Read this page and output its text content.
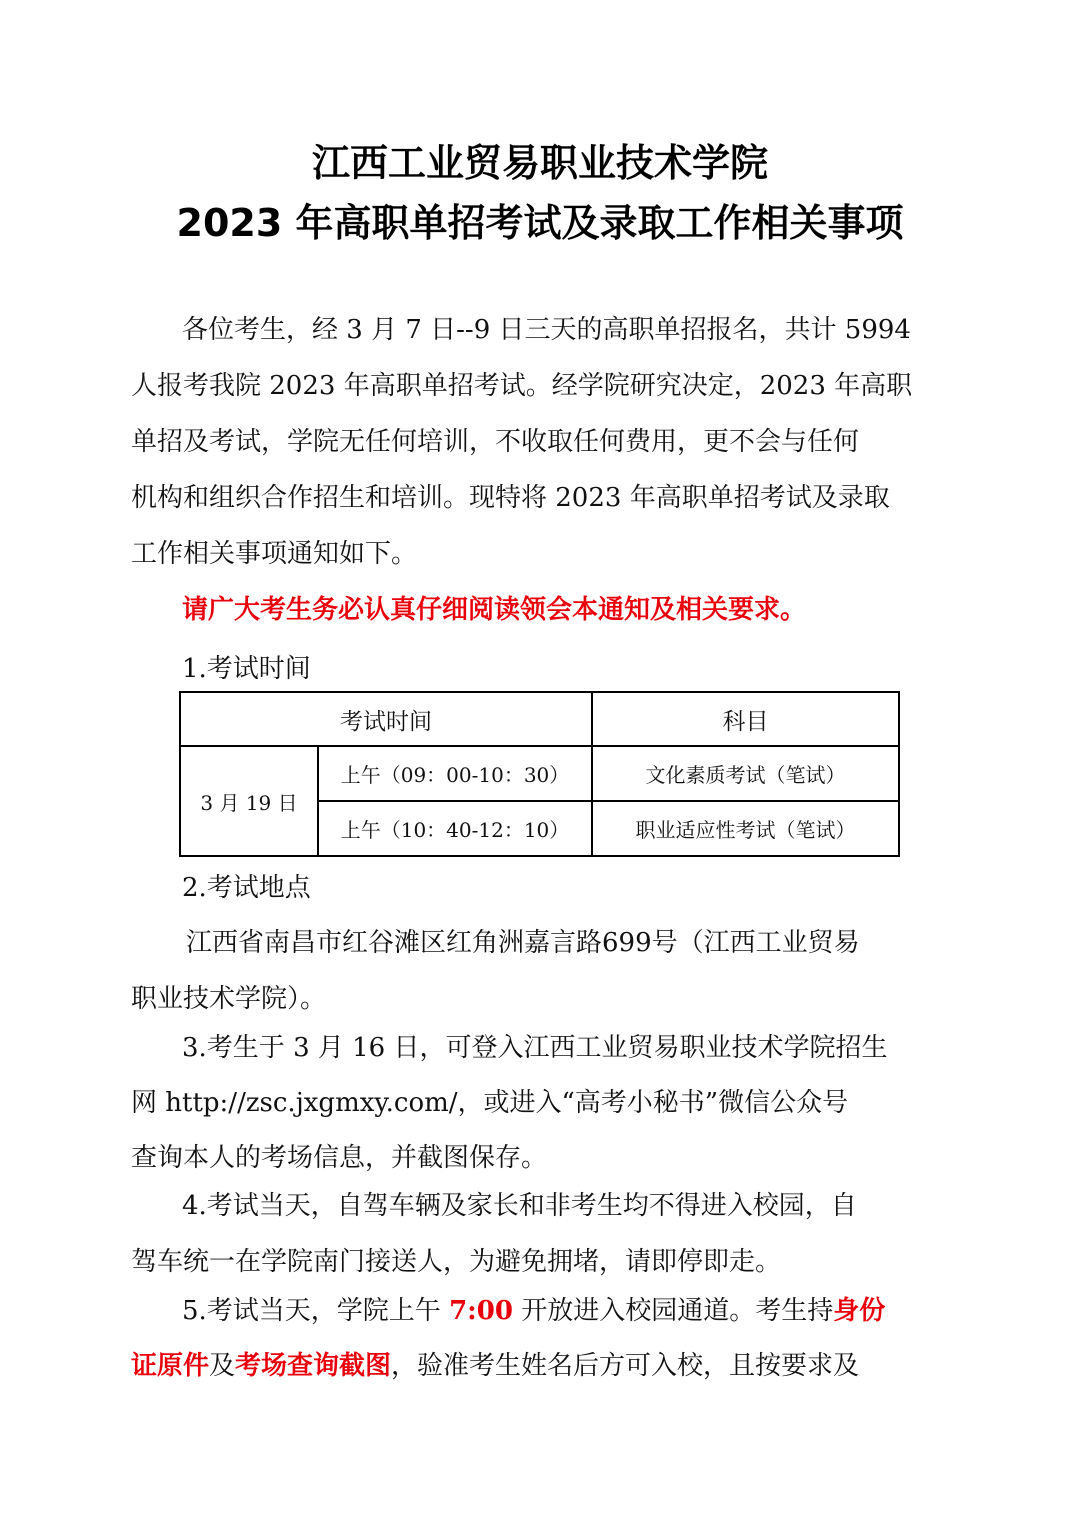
江西工业贸易职业技术学院
2023 年高职单招考试及录取工作相关事项
各位考生，经 3 月 7 日--9 日三天的高职单招报名，共计 5994
人报考我院 2023 年高职单招考试。经学院研究决定，2023 年高职
单招及考试，学院无任何培训，不收取任何费用，更不会与任何
机构和组织合作招生和培训。现特将 2023 年高职单招考试及录取
工作相关事项通知如下。
请广大考生务必认真仔细阅读领会本通知及相关要求。
1.考试时间
考试时间		科目
3 月 19 日	上午（09：00-10：30）	文化素质考试（笔试）
	上午（10：40-12：10）	职业适应性考试（笔试）
2.考试地点
江西省南昌市红谷滩区红角洲嘉言路699号（江西工业贸易
职业技术学院）。
3.考生于 3 月 16 日，可登入江西工业贸易职业技术学院招生
网 http://zsc.jxgmxy.com/，或进入“高考小秘书”微信公众号
查询本人的考场信息，并截图保存。
4.考试当天，自驾车辆及家长和非考生均不得进入校园，自
驾车统一在学院南门接送人，为避免拥堵，请即停即走。
5.考试当天，学院上午 7:00 开放进入校园通道。考生持身份
证原件及考场查询截图，验准考生姓名后方可入校，且按要求及
